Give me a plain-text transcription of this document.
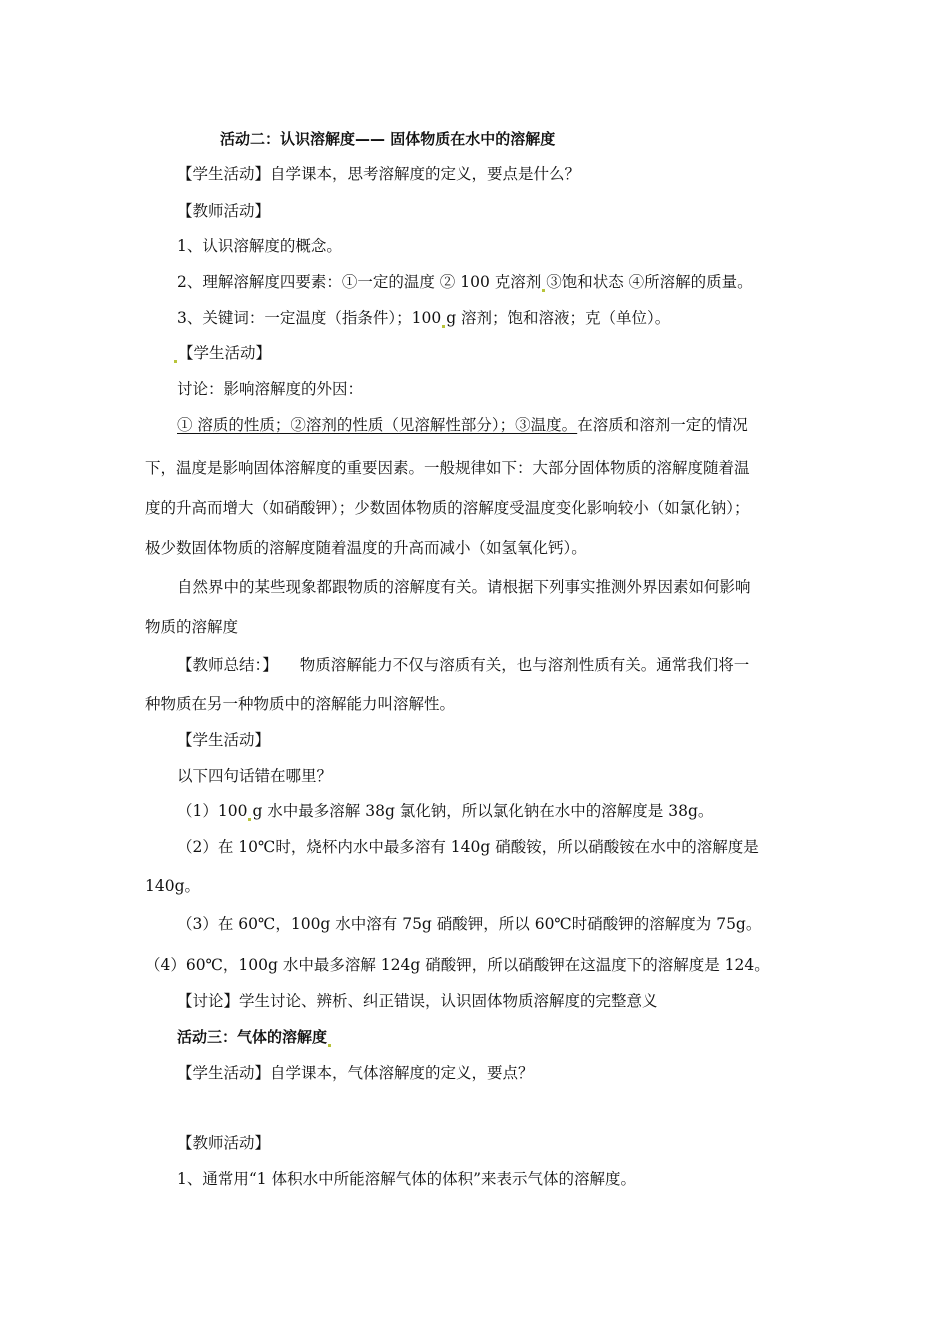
活动二：认识溶解度—— 固体物质在水中的溶解度
【学生活动】自学课本，思考溶解度的定义，要点是什么？
【教师活动】
1、认识溶解度的概念。
2、理解溶解度四要素：①一定的温度 ② 100 克溶剂 ③饱和状态 ④所溶解的质量。
3、关键词：一定温度（指条件）；100 g 溶剂；饱和溶液；克（单位）。
【学生活动】
讨论：影响溶解度的外因：
① 溶质的性质；②溶剂的性质（见溶解性部分）；③温度。在溶质和溶剂一定的情况
下，温度是影响固体溶解度的重要因素。一般规律如下：大部分固体物质的溶解度随着温
度的升高而增大（如硝酸钾）；少数固体物质的溶解度受温度变化影响较小（如氯化钠）；
极少数固体物质的溶解度随着温度的升高而减小（如氢氧化钙）。
自然界中的某些现象都跟物质的溶解度有关。请根据下列事实推测外界因素如何影响
物质的溶解度
【教师总结：】 物质溶解能力不仅与溶质有关，也与溶剂性质有关。通常我们将一
种物质在另一种物质中的溶解能力叫溶解性。
【学生活动】
以下四句话错在哪里？
（1）100 g 水中最多溶解 38g 氯化钠，所以氯化钠在水中的溶解度是 38g。
（2）在 10℃时，烧杯内水中最多溶有 140g 硝酸铵，所以硝酸铵在水中的溶解度是
140g。
（3）在 60℃，100g 水中溶有 75g 硝酸钾，所以 60℃时硝酸钾的溶解度为 75g。
（4）60℃，100g 水中最多溶解 124g 硝酸钾，所以硝酸钾在这温度下的溶解度是 124。
【讨论】学生讨论、辨析、纠正错误，认识固体物质溶解度的完整意义
活动三：气体的溶解度
【学生活动】自学课本，气体溶解度的定义，要点？
【教师活动】
1、通常用“1 体积水中所能溶解气体的体积”来表示气体的溶解度。
